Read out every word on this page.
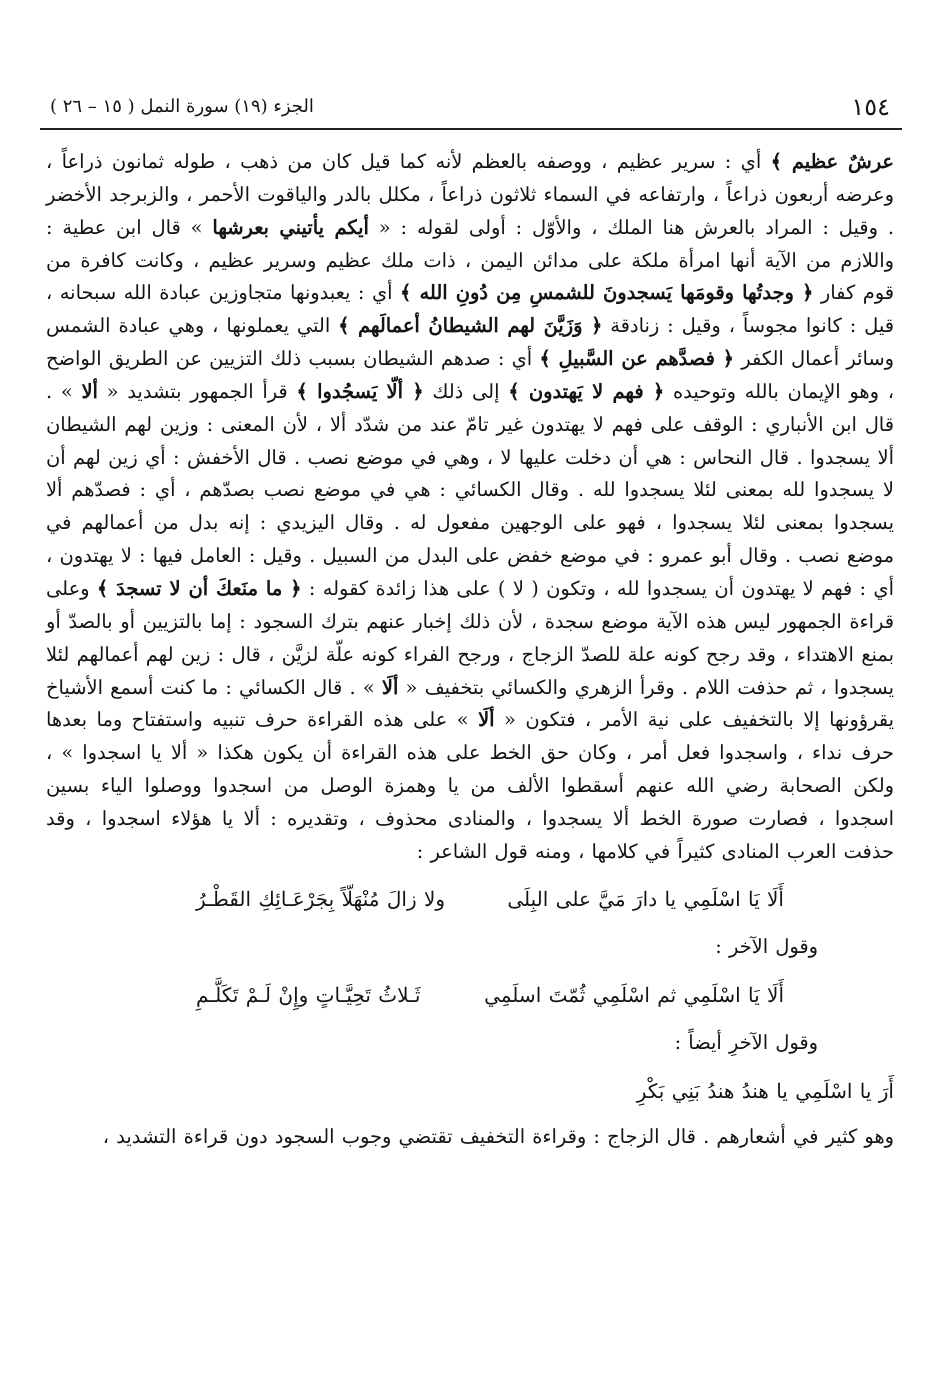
١٥٤
الجزء (١٩) سورة النمل ( ١٥ – ٢٦ )

عرشٌ عظيم ﴾ أي : سرير عظيم ، ووصفه بالعظم لأنه كما قيل كان من ذهب ، طوله ثمانون ذراعاً ، وعرضه أربعون ذراعاً ، وارتفاعه في السماء ثلاثون ذراعاً ، مكلل بالدر والياقوت الأحمر ، والزبرجد الأخضر . وقيل : المراد بالعرش هنا الملك ، والأوّل : أولى لقوله : « أيكم يأتيني بعرشها » قال ابن عطية : واللازم من الآية أنها امرأة ملكة على مدائن اليمن ، ذات ملك عظيم وسرير عظيم ، وكانت كافرة من قوم كفار ﴿ وجدتُها وقومَها يَسجدونَ للشمسِ مِن دُونِ الله ﴾ أي : يعبدونها متجاوزين عبادة الله سبحانه ، قيل : كانوا مجوساً ، وقيل : زنادقة ﴿ وَزَيَّنَ لهم الشيطانُ أعمالَهم ﴾ التي يعملونها ، وهي عبادة الشمس وسائر أعمال الكفر ﴿ فصدَّهم عن السَّبيلِ ﴾ أي : صدهم الشيطان بسبب ذلك التزيين عن الطريق الواضح ، وهو الإيمان بالله وتوحيده ﴿ فهم لا يَهتدون ﴾ إلى ذلك ﴿ ألّا يَسجُدوا ﴾ قرأ الجمهور بتشديد « ألا » . قال ابن الأنباري : الوقف على فهم لا يهتدون غير تامّ عند من شدّد ألا ، لأن المعنى : وزين لهم الشيطان ألا يسجدوا . قال النحاس : هي أن دخلت عليها لا ، وهي في موضع نصب . قال الأخفش : أي زين لهم أن لا يسجدوا لله بمعنى لئلا يسجدوا لله . وقال الكسائي : هي في موضع نصب بصدّهم ، أي : فصدّهم ألا يسجدوا بمعنى لئلا يسجدوا ، فهو على الوجهين مفعول له . وقال اليزيدي : إنه بدل من أعمالهم في موضع نصب . وقال أبو عمرو : في موضع خفض على البدل من السبيل . وقيل : العامل فيها : لا يهتدون ، أي : فهم لا يهتدون أن يسجدوا لله ، وتكون ( لا ) على هذا زائدة كقوله : ﴿ ما منَعكَ أن لا تسجدَ ﴾ وعلى قراءة الجمهور ليس هذه الآية موضع سجدة ، لأن ذلك إخبار عنهم بترك السجود : إما بالتزيين أو بالصدّ أو بمنع الاهتداء ، وقد رجح كونه علة للصدّ الزجاج ، ورجح الفراء كونه علّة لزيَّن ، قال : زين لهم أعمالهم لئلا يسجدوا ، ثم حذفت اللام . وقرأ الزهري والكسائي بتخفيف « ألَا » . قال الكسائي : ما كنت أسمع الأشياخ يقرؤونها إلا بالتخفيف على نية الأمر ، فتكون « ألَا » على هذه القراءة حرف تنبيه واستفتاح وما بعدها حرف نداء ، واسجدوا فعل أمر ، وكان حق الخط على هذه القراءة أن يكون هكذا « ألا يا اسجدوا » ، ولكن الصحابة رضي الله عنهم أسقطوا الألف من يا وهمزة الوصل من اسجدوا ووصلوا الياء بسين اسجدوا ، فصارت صورة الخط ألا يسجدوا ، والمنادى محذوف ، وتقديره : ألا يا هؤلاء اسجدوا ، وقد حذفت العرب المنادى كثيراً في كلامها ، ومنه قول الشاعر :

أَلَا يَا اسْلَمِي يا دارَ مَيَّ على البِلَى
ولا زالَ مُنْهَلّاً بِجَرْعَـائِكِ القَطْـرُ

وقول الآخر :

أَلَا يَا اسْلَمِي ثم اسْلَمِي ثُمّتَ اسلَمِي
ثَـلاثُ تَحِيَّـاتٍ وإِنْ لَـمْ تَكَلَّـمِ

وقول الآخرِ أيضاً :

أَرَ يا اسْلَمِي يا هندُ هندُ بَنِي بَكْرِ

وهو كثير في أشعارهم . قال الزجاج : وقراءة التخفيف تقتضي وجوب السجود دون قراءة التشديد ،
